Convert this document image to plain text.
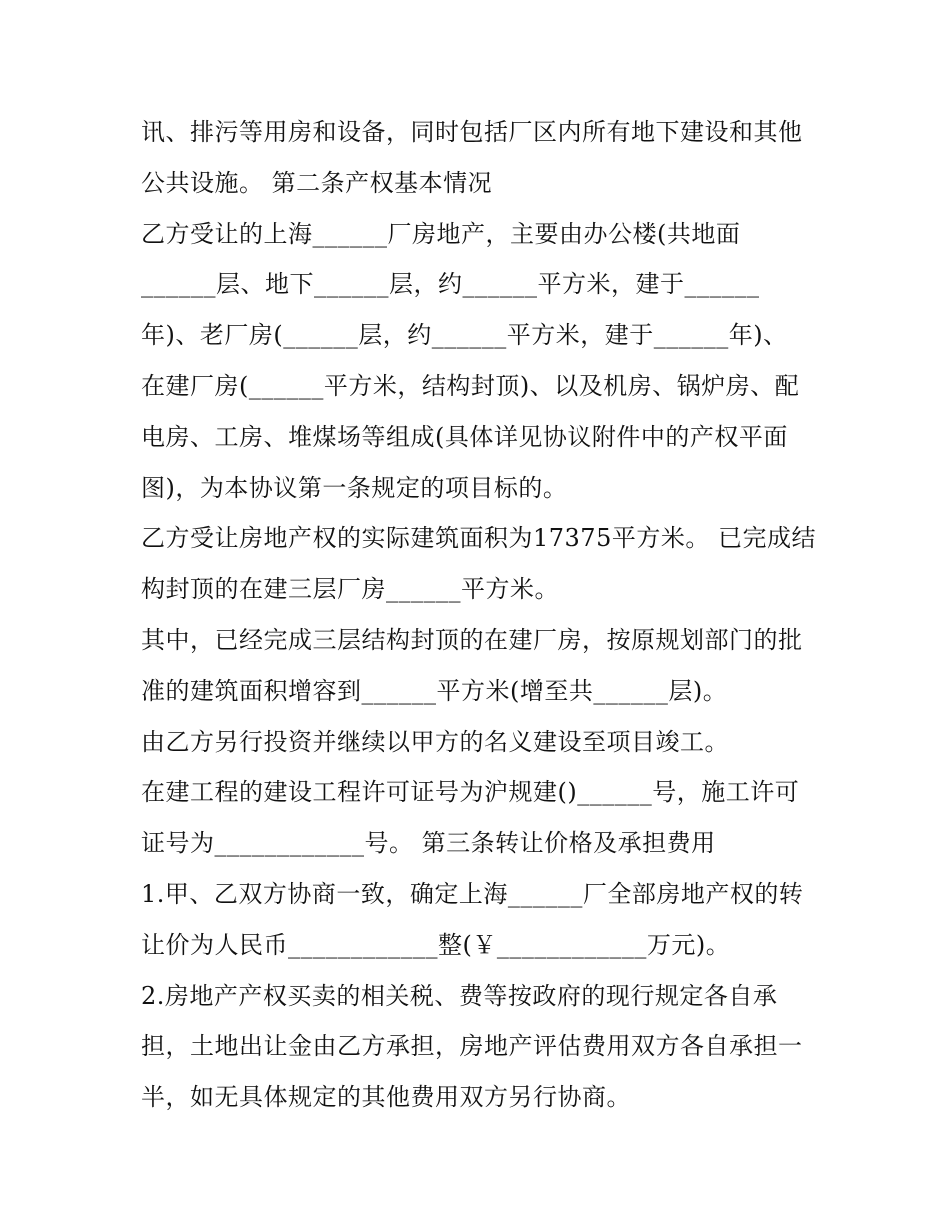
讯、排污等用房和设备，同时包括厂区内所有地下建设和其他

公共设施。 第二条产权基本情况

乙方受让的上海______厂房地产，主要由办公楼(共地面

______层、地下______层，约______平方米，建于______

年)、老厂房(______层，约______平方米，建于______年)、

在建厂房(______平方米，结构封顶)、以及机房、锅炉房、配

电房、工房、堆煤场等组成(具体详见协议附件中的产权平面

图)，为本协议第一条规定的项目标的。

乙方受让房地产权的实际建筑面积为17375平方米。 已完成结

构封顶的在建三层厂房______平方米。

其中，已经完成三层结构封顶的在建厂房，按原规划部门的批

准的建筑面积增容到______平方米(增至共______层)。

由乙方另行投资并继续以甲方的名义建设至项目竣工。

在建工程的建设工程许可证号为沪规建()______号，施工许可

证号为____________号。 第三条转让价格及承担费用

1.甲、乙双方协商一致，确定上海______厂全部房地产权的转

让价为人民币____________整(￥____________万元)。

2.房地产产权买卖的相关税、费等按政府的现行规定各自承

担，土地出让金由乙方承担，房地产评估费用双方各自承担一

半，如无具体规定的其他费用双方另行协商。
